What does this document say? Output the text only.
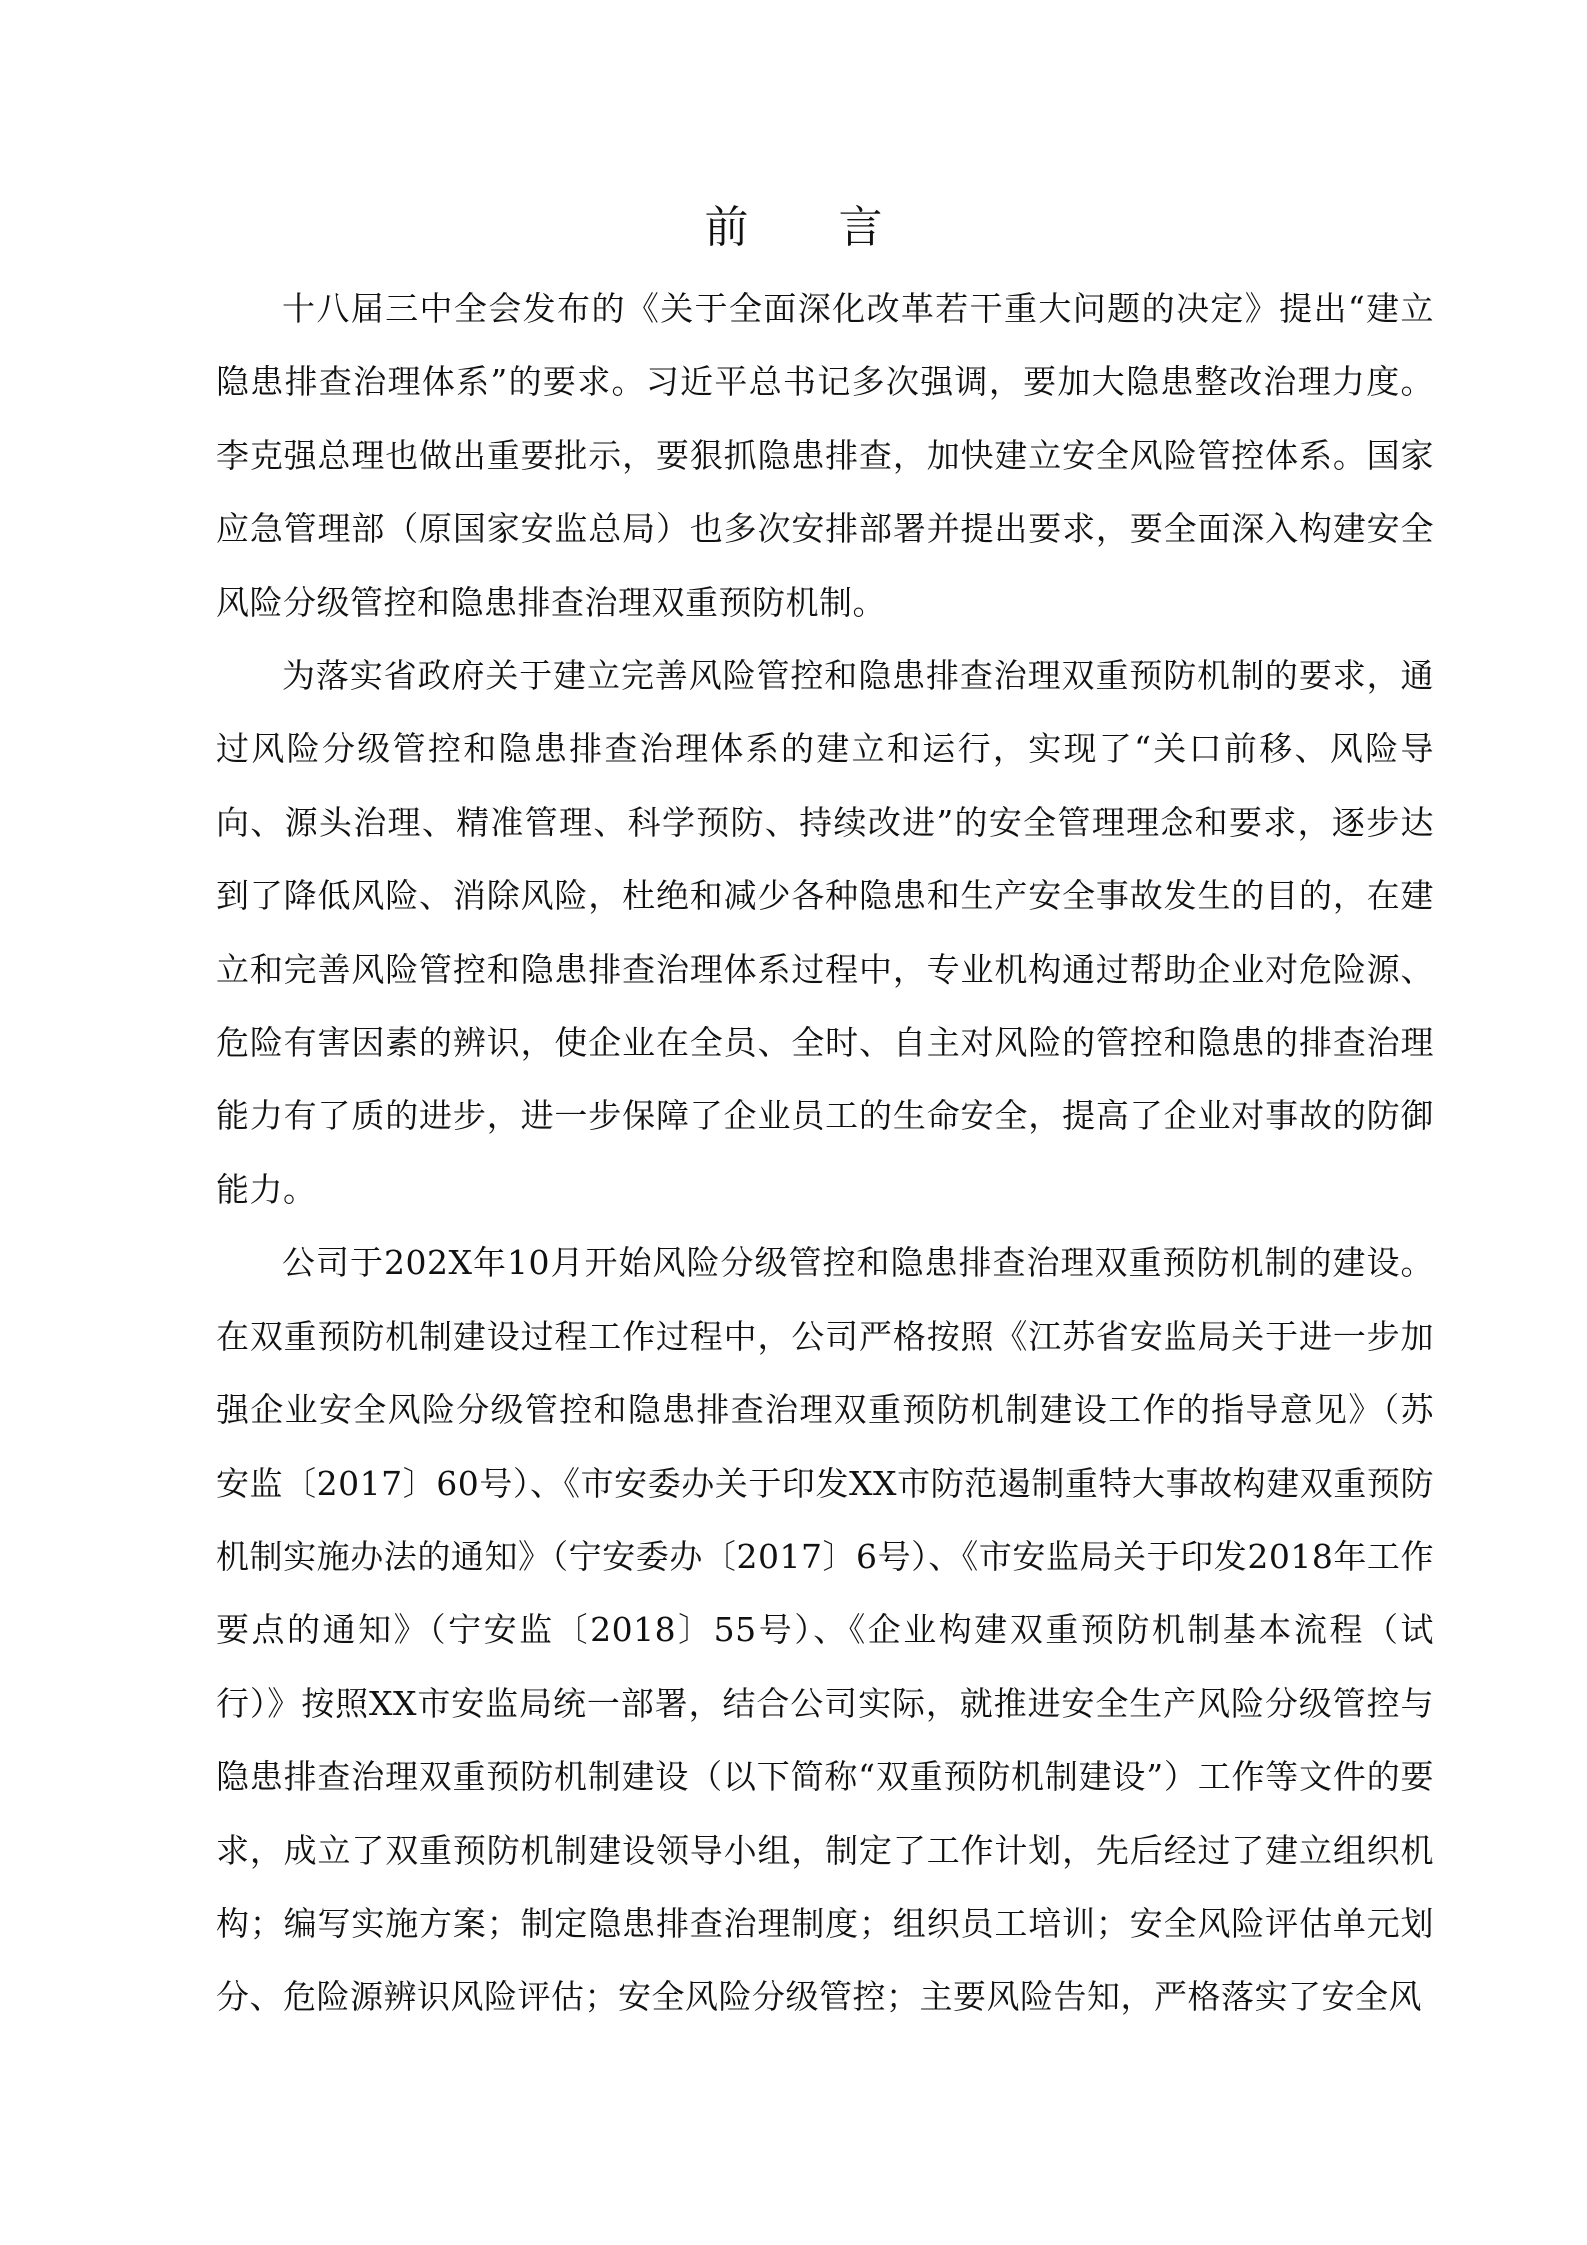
前 言

十八届三中全会发布的《关于全面深化改革若干重大问题的决定》提出“建立隐患排查治理体系”的要求。习近平总书记多次强调，要加大隐患整改治理力度。李克强总理也做出重要批示，要狠抓隐患排查，加快建立安全风险管控体系。国家应急管理部（原国家安监总局）也多次安排部署并提出要求，要全面深入构建安全风险分级管控和隐患排查治理双重预防机制。

为落实省政府关于建立完善风险管控和隐患排查治理双重预防机制的要求，通过风险分级管控和隐患排查治理体系的建立和运行，实现了“关口前移、风险导向、源头治理、精准管理、科学预防、持续改进”的安全管理理念和要求，逐步达到了降低风险、消除风险，杜绝和减少各种隐患和生产安全事故发生的目的，在建立和完善风险管控和隐患排查治理体系过程中，专业机构通过帮助企业对危险源、危险有害因素的辨识，使企业在全员、全时、自主对风险的管控和隐患的排查治理能力有了质的进步，进一步保障了企业员工的生命安全，提高了企业对事故的防御能力。

公司于202X年10月开始风险分级管控和隐患排查治理双重预防机制的建设。在双重预防机制建设过程工作过程中，公司严格按照《江苏省安监局关于进一步加强企业安全风险分级管控和隐患排查治理双重预防机制建设工作的指导意见》（苏安监〔2017〕60号）、《市安委办关于印发XX市防范遏制重特大事故构建双重预防机制实施办法的通知》（宁安委办〔2017〕6号）、《市安监局关于印发2018年工作要点的通知》（宁安监〔2018〕55号）、《企业构建双重预防机制基本流程（试行）》按照XX市安监局统一部署，结合公司实际，就推进安全生产风险分级管控与隐患排查治理双重预防机制建设（以下简称“双重预防机制建设”）工作等文件的要求，成立了双重预防机制建设领导小组，制定了工作计划，先后经过了建立组织机构；编写实施方案；制定隐患排查治理制度；组织员工培训；安全风险评估单元划分、危险源辨识风险评估；安全风险分级管控；主要风险告知，严格落实了安全风
